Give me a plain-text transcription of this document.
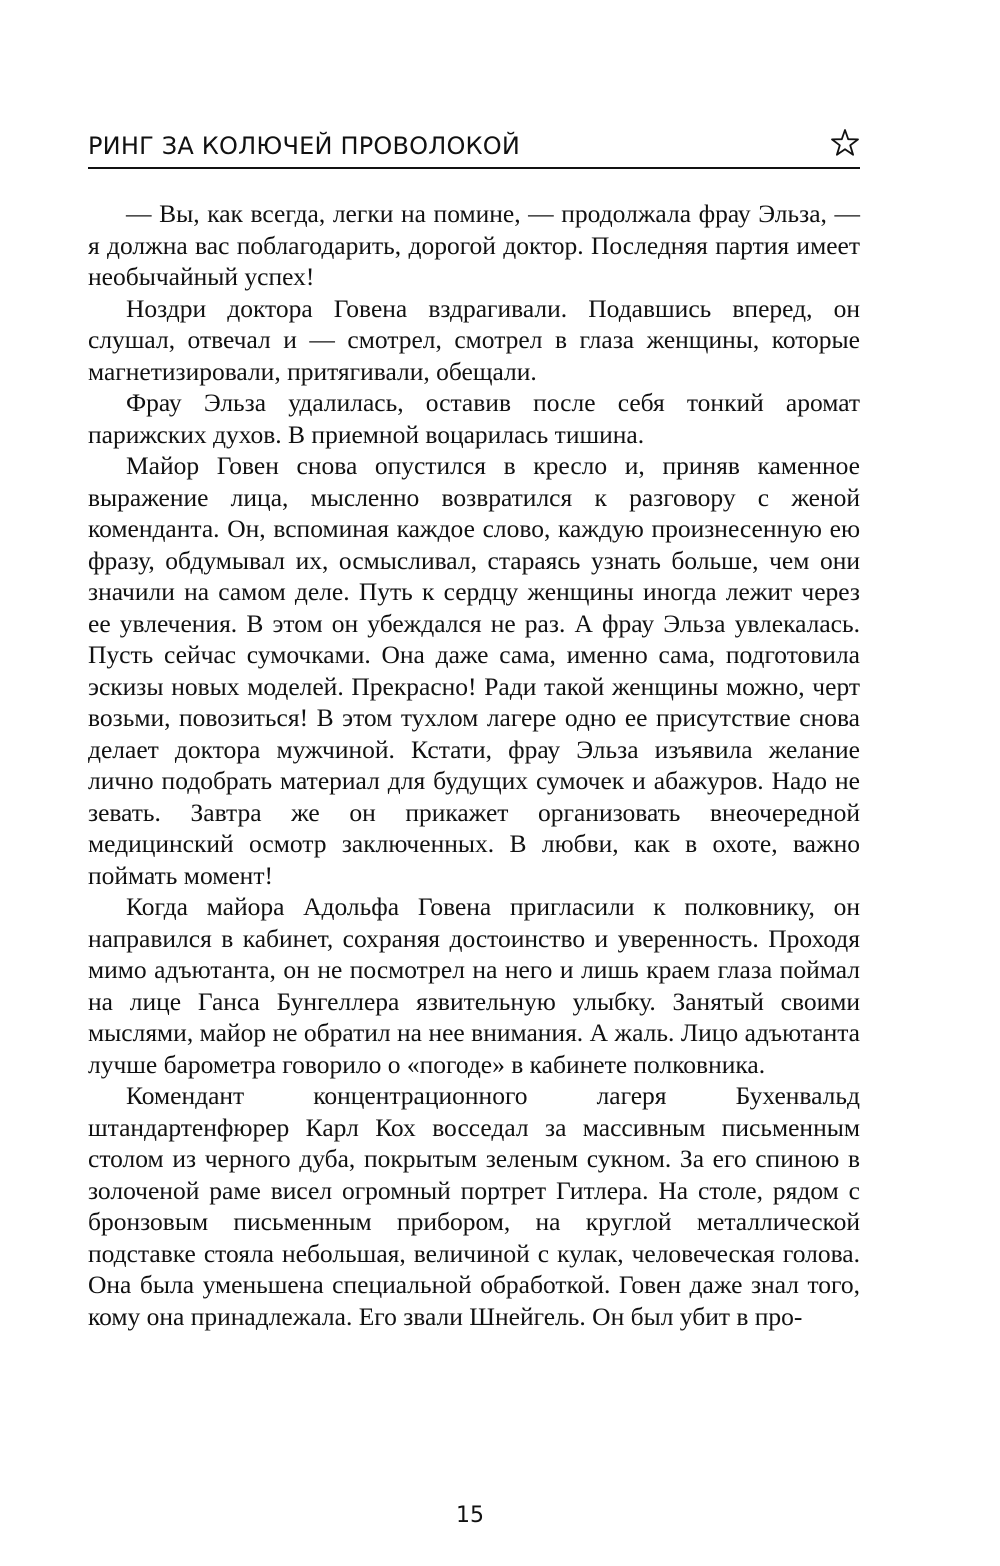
РИНГ ЗА КОЛЮЧЕЙ ПРОВОЛОКОЙ

— Вы, как всегда, легки на помине, — продолжала фрау Эльза, — я должна вас поблагодарить, дорогой доктор. Последняя партия имеет необычайный успех!

Ноздри доктора Говена вздрагивали. Подавшись вперед, он слушал, отвечал и — смотрел, смотрел в глаза женщины, которые магнетизировали, притягивали, обещали.

Фрау Эльза удалилась, оставив после себя тонкий аромат парижских духов. В приемной воцарилась тишина.

Майор Говен снова опустился в кресло и, приняв каменное выражение лица, мысленно возвратился к разговору с женой коменданта. Он, вспоминая каждое слово, каждую произнесенную ею фразу, обдумывал их, осмысливал, стараясь узнать больше, чем они значили на самом деле. Путь к сердцу женщины иногда лежит через ее увлечения. В этом он убеждался не раз. А фрау Эльза увлекалась. Пусть сейчас сумочками. Она даже сама, именно сама, подготовила эскизы новых моделей. Прекрасно! Ради такой женщины можно, черт возьми, повозиться! В этом тухлом лагере одно ее присутствие снова делает доктора мужчиной. Кстати, фрау Эльза изъявила желание лично подобрать материал для будущих сумочек и абажуров. Надо не зевать. Завтра же он прикажет организовать внеочередной медицинский осмотр заключенных. В любви, как в охоте, важно поймать момент!

Когда майора Адольфа Говена пригласили к полковнику, он направился в кабинет, сохраняя достоинство и уверенность. Проходя мимо адъютанта, он не посмотрел на него и лишь краем глаза поймал на лице Ганса Бунгеллера язвительную улыбку. Занятый своими мыслями, майор не обратил на нее внимания. А жаль. Лицо адъютанта лучше барометра говорило о «погоде» в кабинете полковника.

Комендант концентрационного лагеря Бухенвальд штандартенфюрер Карл Кох восседал за массивным письменным столом из черного дуба, покрытым зеленым сукном. За его спиною в золоченой раме висел огромный портрет Гитлера. На столе, рядом с бронзовым письменным прибором, на круглой металлической подставке стояла небольшая, величиной с кулак, человеческая голова. Она была уменьшена специальной обработкой. Говен даже знал того, кому она принадлежала. Его звали Шнейгель. Он был убит в про-

15
